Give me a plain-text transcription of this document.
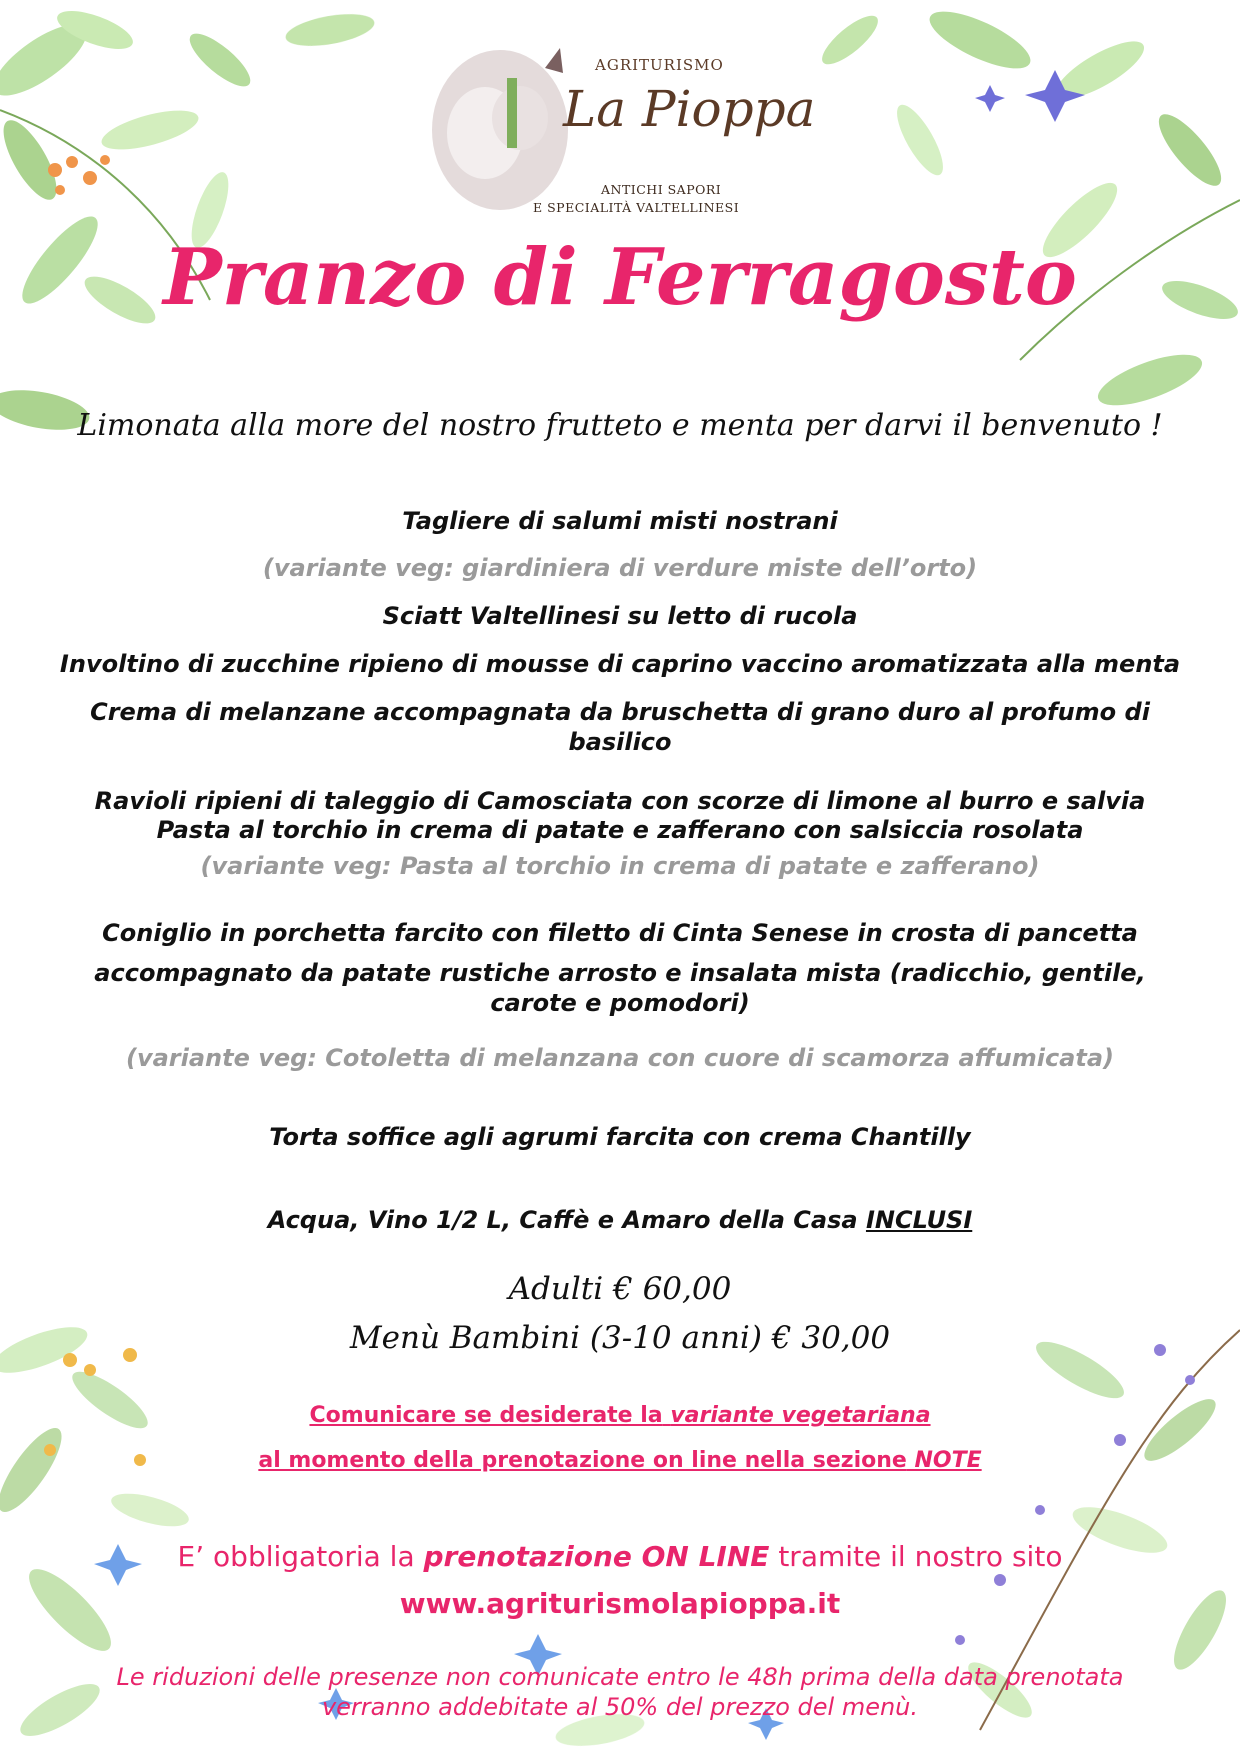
AGRITURISMO
La Pioppa
ANTICHI SAPORI
E SPECIALITÀ VALTELLINESI
Pranzo di Ferragosto
Limonata alla more del nostro frutteto e menta per darvi il benvenuto !
Tagliere di salumi misti nostrani
(variante veg: giardiniera di verdure miste dell’orto)
Sciatt Valtellinesi su letto di rucola
Involtino di zucchine ripieno di mousse di caprino vaccino aromatizzata alla menta
Crema di melanzane accompagnata da bruschetta di grano duro al profumo di basilico
Ravioli ripieni di taleggio di Camosciata con scorze di limone al burro e salvia
Pasta al torchio in crema di patate e zafferano con salsiccia rosolata
(variante veg: Pasta al torchio in crema di patate e zafferano)
Coniglio in porchetta farcito con filetto di Cinta Senese in crosta di pancetta
accompagnato da patate rustiche arrosto e insalata mista (radicchio, gentile, carote e pomodori)
(variante veg: Cotoletta di melanzana con cuore di scamorza affumicata)
Torta soffice agli agrumi farcita con crema Chantilly
Acqua, Vino 1/2 L, Caffè e Amaro della Casa INCLUSI
Adulti € 60,00
Menù Bambini (3-10 anni) € 30,00
Comunicare se desiderate la variante vegetariana
al momento della prenotazione on line nella sezione NOTE
E’ obbligatoria la prenotazione ON LINE tramite il nostro sito
www.agriturismolapioppa.it
Le riduzioni delle presenze non comunicate entro le 48h prima della data prenotata
verranno addebitate al 50% del prezzo del menù.
